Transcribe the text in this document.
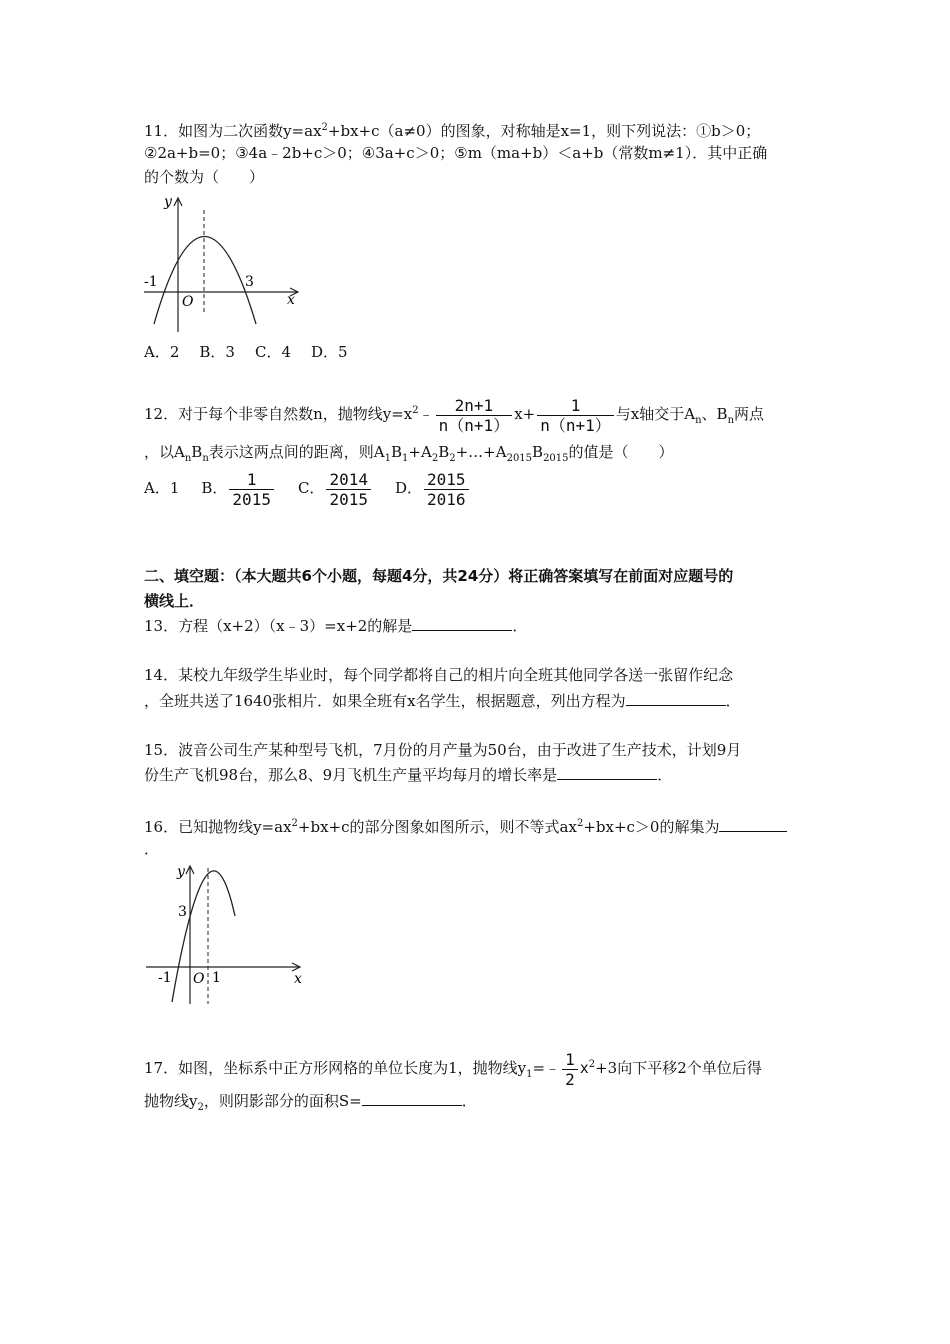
11．如图为二次函数$y=ax^2+bx+c(a\ne 0)$的图象，对称轴是x=1，则下列说法：①b＞0；
②2a+b=0；③4a﹣2b+c＞0；④3a+c＞0；⑤m（ma+b）＜a+b（常数m≠1）．其中正确
的个数为（　　）
y
x
O
-1	3
A．2 B．3 C．4 D．5
12．对于每个非零自然数n，抛物线$y=x^2﹣ \frac{2n+1}{n(n+1)} x+ \frac{1}{n(n+1)}$ 与x轴交于$A_n$、$B_n$两点
，以$A_nB_n$表示这两点间的距离，则$A_1B_1+A_2B_2+\dots+A_{2015}B_{2015}$的值是（　　）
A．1 B． $\frac{1}{2015}$ C． $\frac{2014}{2015}$ D． $\frac{2015}{2016}$
二、填空题：（本大题共6个小题，每题4分，共24分）将正确答案填写在前面对应题号的
横线上．
13．方程（x+2）（x﹣3）=x+2的解是	．
14．某校九年级学生毕业时，每个同学都将自己的相片向全班其他同学各送一张留作纪念
，全班共送了1640张相片．如果全班有x名学生，根据题意，列出方程为	．
15．波音公司生产某种型号飞机，7月份的月产量为50台，由于改进了生产技术，计划9月
份生产飞机98台，那么8、9月飞机生产量平均每月的增长率是	．
16．已知抛物线$y=ax^2+bx+c$的部分图象如图所示，则不等式$ax^2+bx+c>0$的解集为
．
y
x
O
-1	1
3
17．如图，坐标系中正方形网格的单位长度为1，抛物线$y_1=﹣ \frac{1}{2} x^2+3$向下平移2个单位后得
抛物线$y_2$，则阴影部分的面积S=	．
